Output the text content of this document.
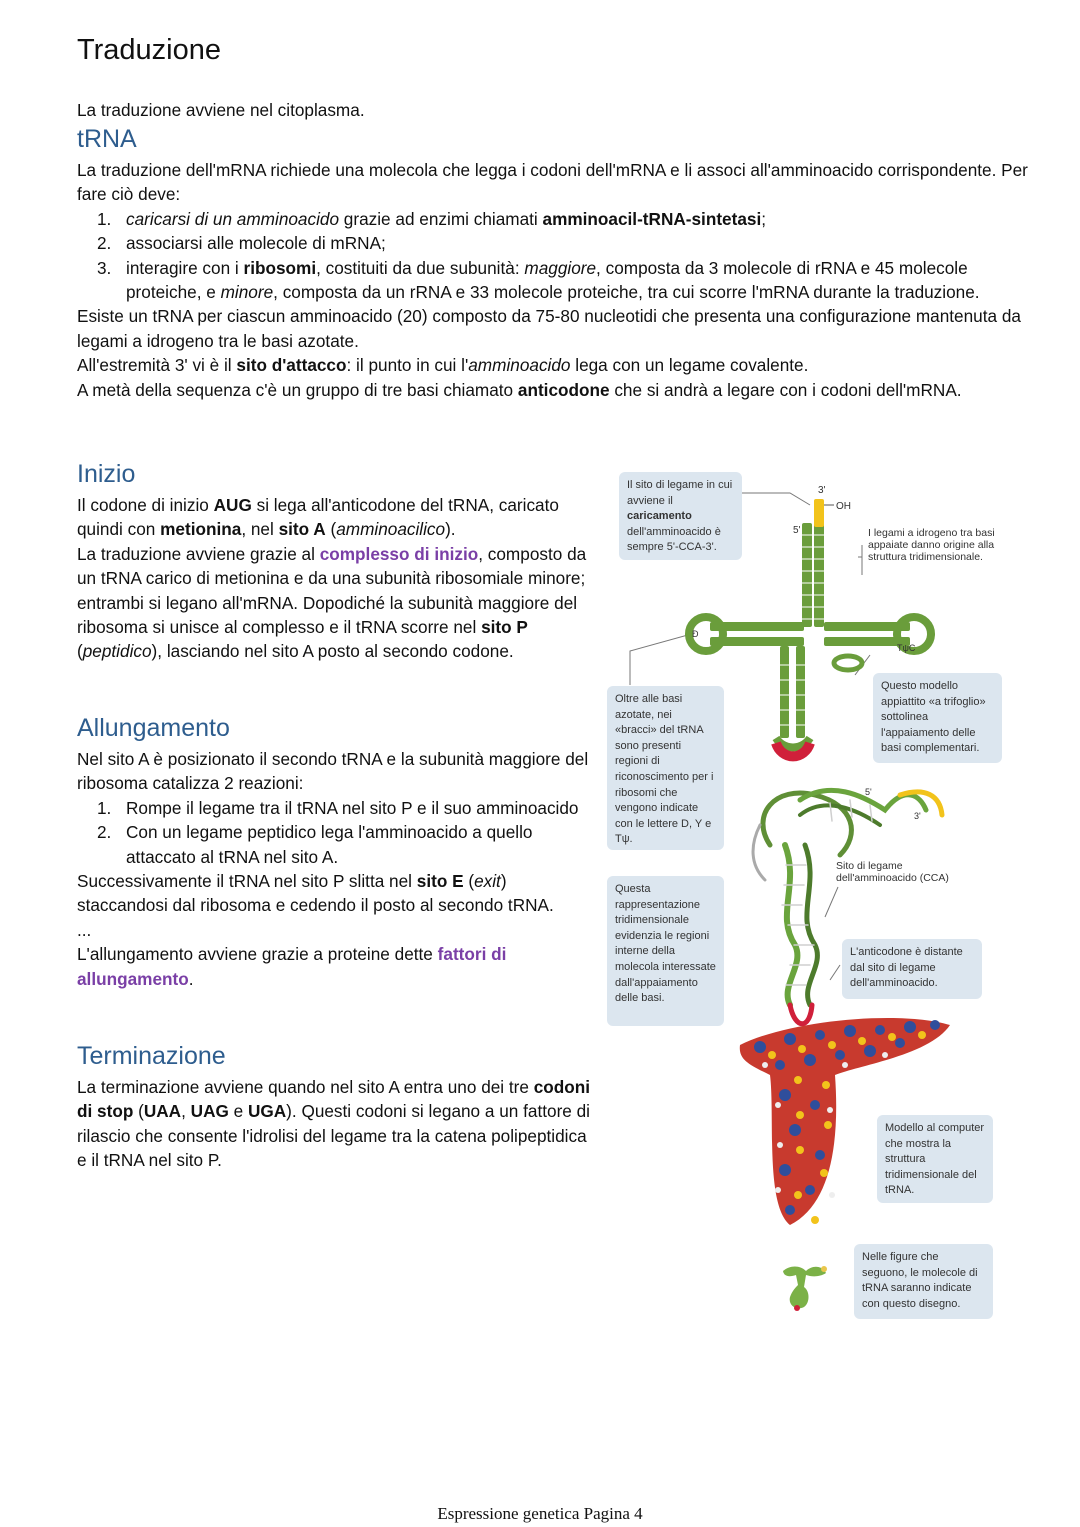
Traduzione
La traduzione avviene nel citoplasma.
tRNA
La traduzione dell'mRNA richiede una molecola che legga i codoni dell'mRNA e li associ all'amminoacido corrispondente. Per fare ciò deve:
1. caricarsi di un amminoacido grazie ad enzimi chiamati amminoacil-tRNA-sintetasi;
2. associarsi alle molecole di mRNA;
3. interagire con i ribosomi, costituiti da due subunità: maggiore, composta da 3 molecole di rRNA e 45 molecole proteiche, e minore, composta da un rRNA e 33 molecole proteiche, tra cui scorre l'mRNA durante la traduzione.
Esiste un tRNA per ciascun amminoacido (20) composto da 75-80 nucleotidi che presenta una configurazione mantenuta da legami a idrogeno tra le basi azotate.
All'estremità 3' vi è il sito d'attacco: il punto in cui l'amminoacido lega con un legame covalente.
A metà della sequenza c'è un gruppo di tre basi chiamato anticodone che si andrà a legare con i codoni dell'mRNA.
Inizio
Il codone di inizio AUG si lega all'anticodone del tRNA, caricato quindi con metionina, nel sito A (amminoacilico).
La traduzione avviene grazie al complesso di inizio, composto da un tRNA carico di metionina e da una subunità ribosomiale minore; entrambi si legano all'mRNA. Dopodiché la subunità maggiore del ribosoma si unisce al complesso e il tRNA scorre nel sito P (peptidico), lasciando nel sito A posto al secondo codone.
Allungamento
Nel sito A è posizionato il secondo tRNA e la subunità maggiore del ribosoma catalizza 2 reazioni:
1. Rompe il legame tra il tRNA nel sito P e il suo amminoacido
2. Con un legame peptidico lega l'amminoacido a quello attaccato al tRNA nel sito A.
Successivamente il tRNA nel sito P slitta nel sito E (exit) staccandosi dal ribosoma e cedendo il posto al secondo tRNA.
...
L'allungamento avviene grazie a proteine dette fattori di allungamento.
Terminazione
La terminazione avviene quando nel sito A entra uno dei tre codoni di stop (UAA, UAG e UGA). Questi codoni si legano a un fattore di rilascio che consente l'idrolisi del legame tra la catena polipeptidica e il tRNA nel sito P.
3'
5'
OH
D
TψC
5'
3'
I legami a idrogeno tra basi appaiate danno origine alla struttura tridimensionale.
Sito di legame dell'amminoacido (CCA)
Il sito di legame in cui avviene il caricamento dell'amminoacido è sempre 5'-CCA-3'.
Questo modello appiattito «a trifoglio» sottolinea l'appaiamento delle basi complementari.
Oltre alle basi azotate, nei «bracci» del tRNA sono presenti regioni di riconoscimento per i ribosomi che vengono indicate con le lettere D, Y e Tψ.
Questa rappresentazione tridimensionale evidenzia le regioni interne della molecola interessate dall'appaiamento delle basi.
L'anticodone è distante dal sito di legame dell'amminoacido.
Modello al computer che mostra la struttura tridimensionale del tRNA.
Nelle figure che seguono, le molecole di tRNA saranno indicate con questo disegno.
Espressione genetica Pagina 4
